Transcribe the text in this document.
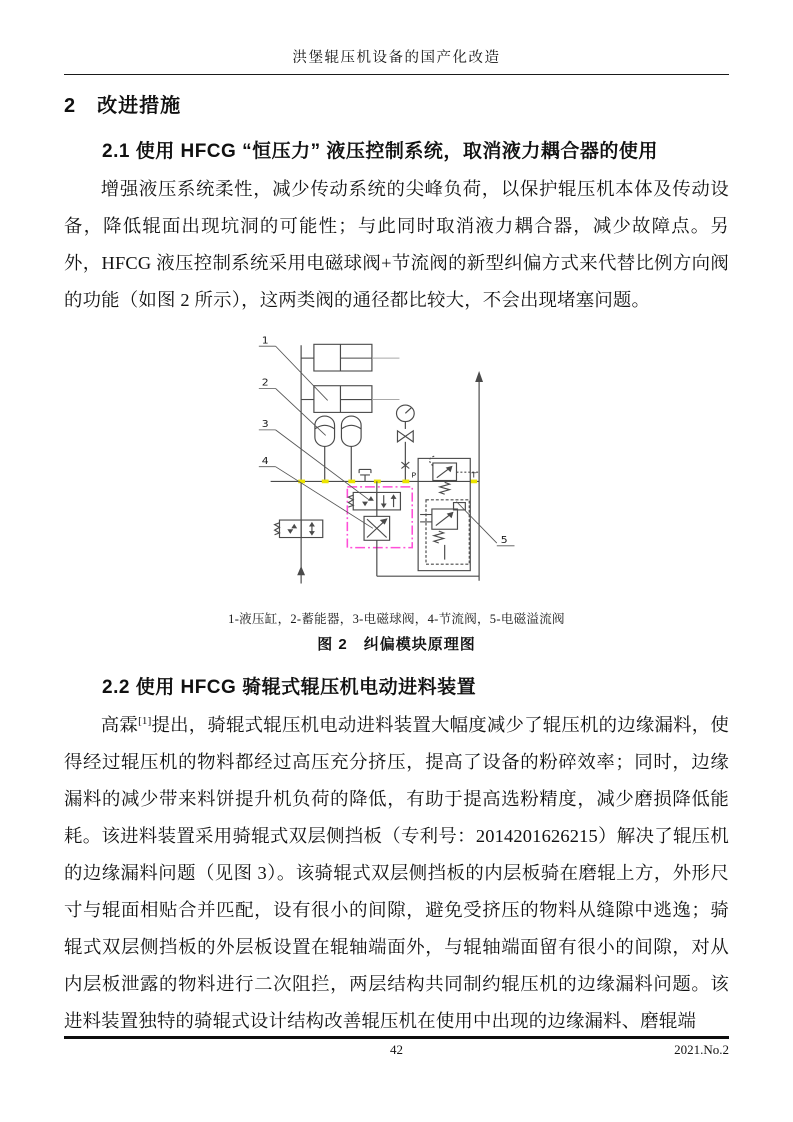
洪堡辊压机设备的国产化改造
2　改进措施
2.1 使用 HFCG “恒压力” 液压控制系统，取消液力耦合器的使用

增强液压系统柔性，减少传动系统的尖峰负荷，以保护辊压机本体及传动设备，降低辊面出现坑洞的可能性；与此同时取消液力耦合器，减少故障点。另外，HFCG 液压控制系统采用电磁球阀+节流阀的新型纠偏方式来代替比例方向阀的功能（如图 2 所示），这两类阀的通径都比较大，不会出现堵塞问题。

P	T
1
2
3
4
5
1-液压缸，2-蓄能器，3-电磁球阀，4-节流阀，5-电磁溢流阀
图 2　纠偏模块原理图
2.2 使用 HFCG 骑辊式辊压机电动进料装置

高霖[1]提出，骑辊式辊压机电动进料装置大幅度减少了辊压机的边缘漏料，使得经过辊压机的物料都经过高压充分挤压，提高了设备的粉碎效率；同时，边缘漏料的减少带来料饼提升机负荷的降低，有助于提高选粉精度，减少磨损降低能耗。该进料装置采用骑辊式双层侧挡板（专利号：2014201626215）解决了辊压机的边缘漏料问题（见图 3）。该骑辊式双层侧挡板的内层板骑在磨辊上方，外形尺寸与辊面相贴合并匹配，设有很小的间隙，避免受挤压的物料从缝隙中逃逸；骑辊式双层侧挡板的外层板设置在辊轴端面外，与辊轴端面留有很小的间隙，对从内层板泄露的物料进行二次阻拦，两层结构共同制约辊压机的边缘漏料问题。该进料装置独特的骑辊式设计结构改善辊压机在使用中出现的边缘漏料、磨辊端

42	2021.No.2
